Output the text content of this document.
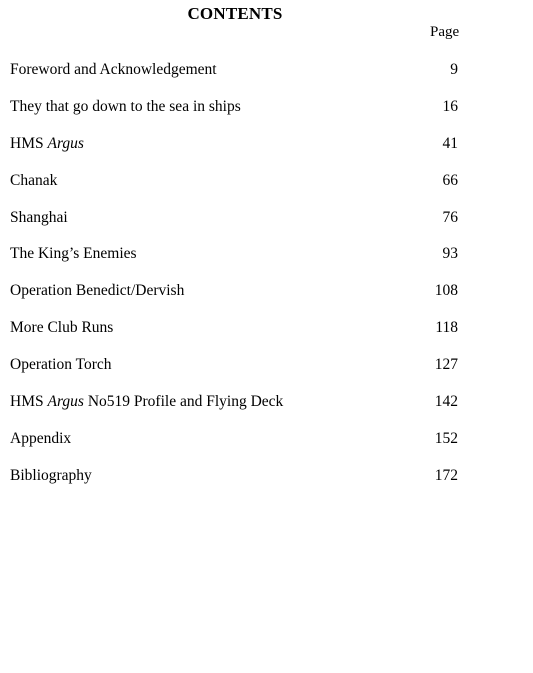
CONTENTS
Page
Foreword and Acknowledgement	9
They that go down to the sea in ships	16
HMS Argus	41
Chanak	66
Shanghai	76
The King’s Enemies	93
Operation Benedict/Dervish	108
More Club Runs	118
Operation Torch	127
HMS Argus No519 Profile and Flying Deck	142
Appendix	152
Bibliography	172
